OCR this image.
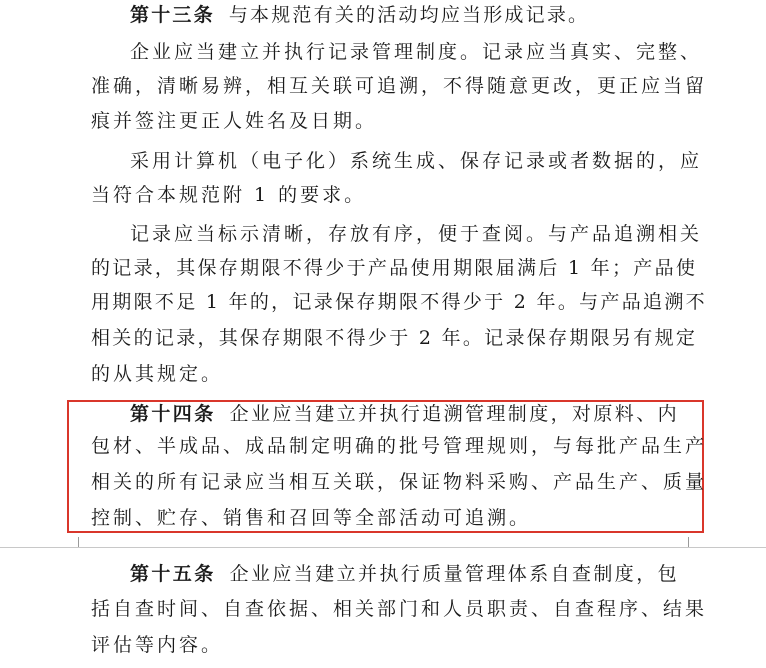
第十三条 与本规范有关的活动均应当形成记录。
企业应当建立并执行记录管理制度。记录应当真实、完整、
准确，清晰易辨，相互关联可追溯，不得随意更改，更正应当留
痕并签注更正人姓名及日期。
采用计算机（电子化）系统生成、保存记录或者数据的，应
当符合本规范附 1 的要求。
记录应当标示清晰，存放有序，便于查阅。与产品追溯相关
的记录，其保存期限不得少于产品使用期限届满后 1 年；产品使
用期限不足 1 年的，记录保存期限不得少于 2 年。与产品追溯不
相关的记录，其保存期限不得少于 2 年。记录保存期限另有规定
的从其规定。
第十四条 企业应当建立并执行追溯管理制度，对原料、内
包材、半成品、成品制定明确的批号管理规则，与每批产品生产
相关的所有记录应当相互关联，保证物料采购、产品生产、质量
控制、贮存、销售和召回等全部活动可追溯。
第十五条 企业应当建立并执行质量管理体系自查制度，包
括自查时间、自查依据、相关部门和人员职责、自查程序、结果
评估等内容。
